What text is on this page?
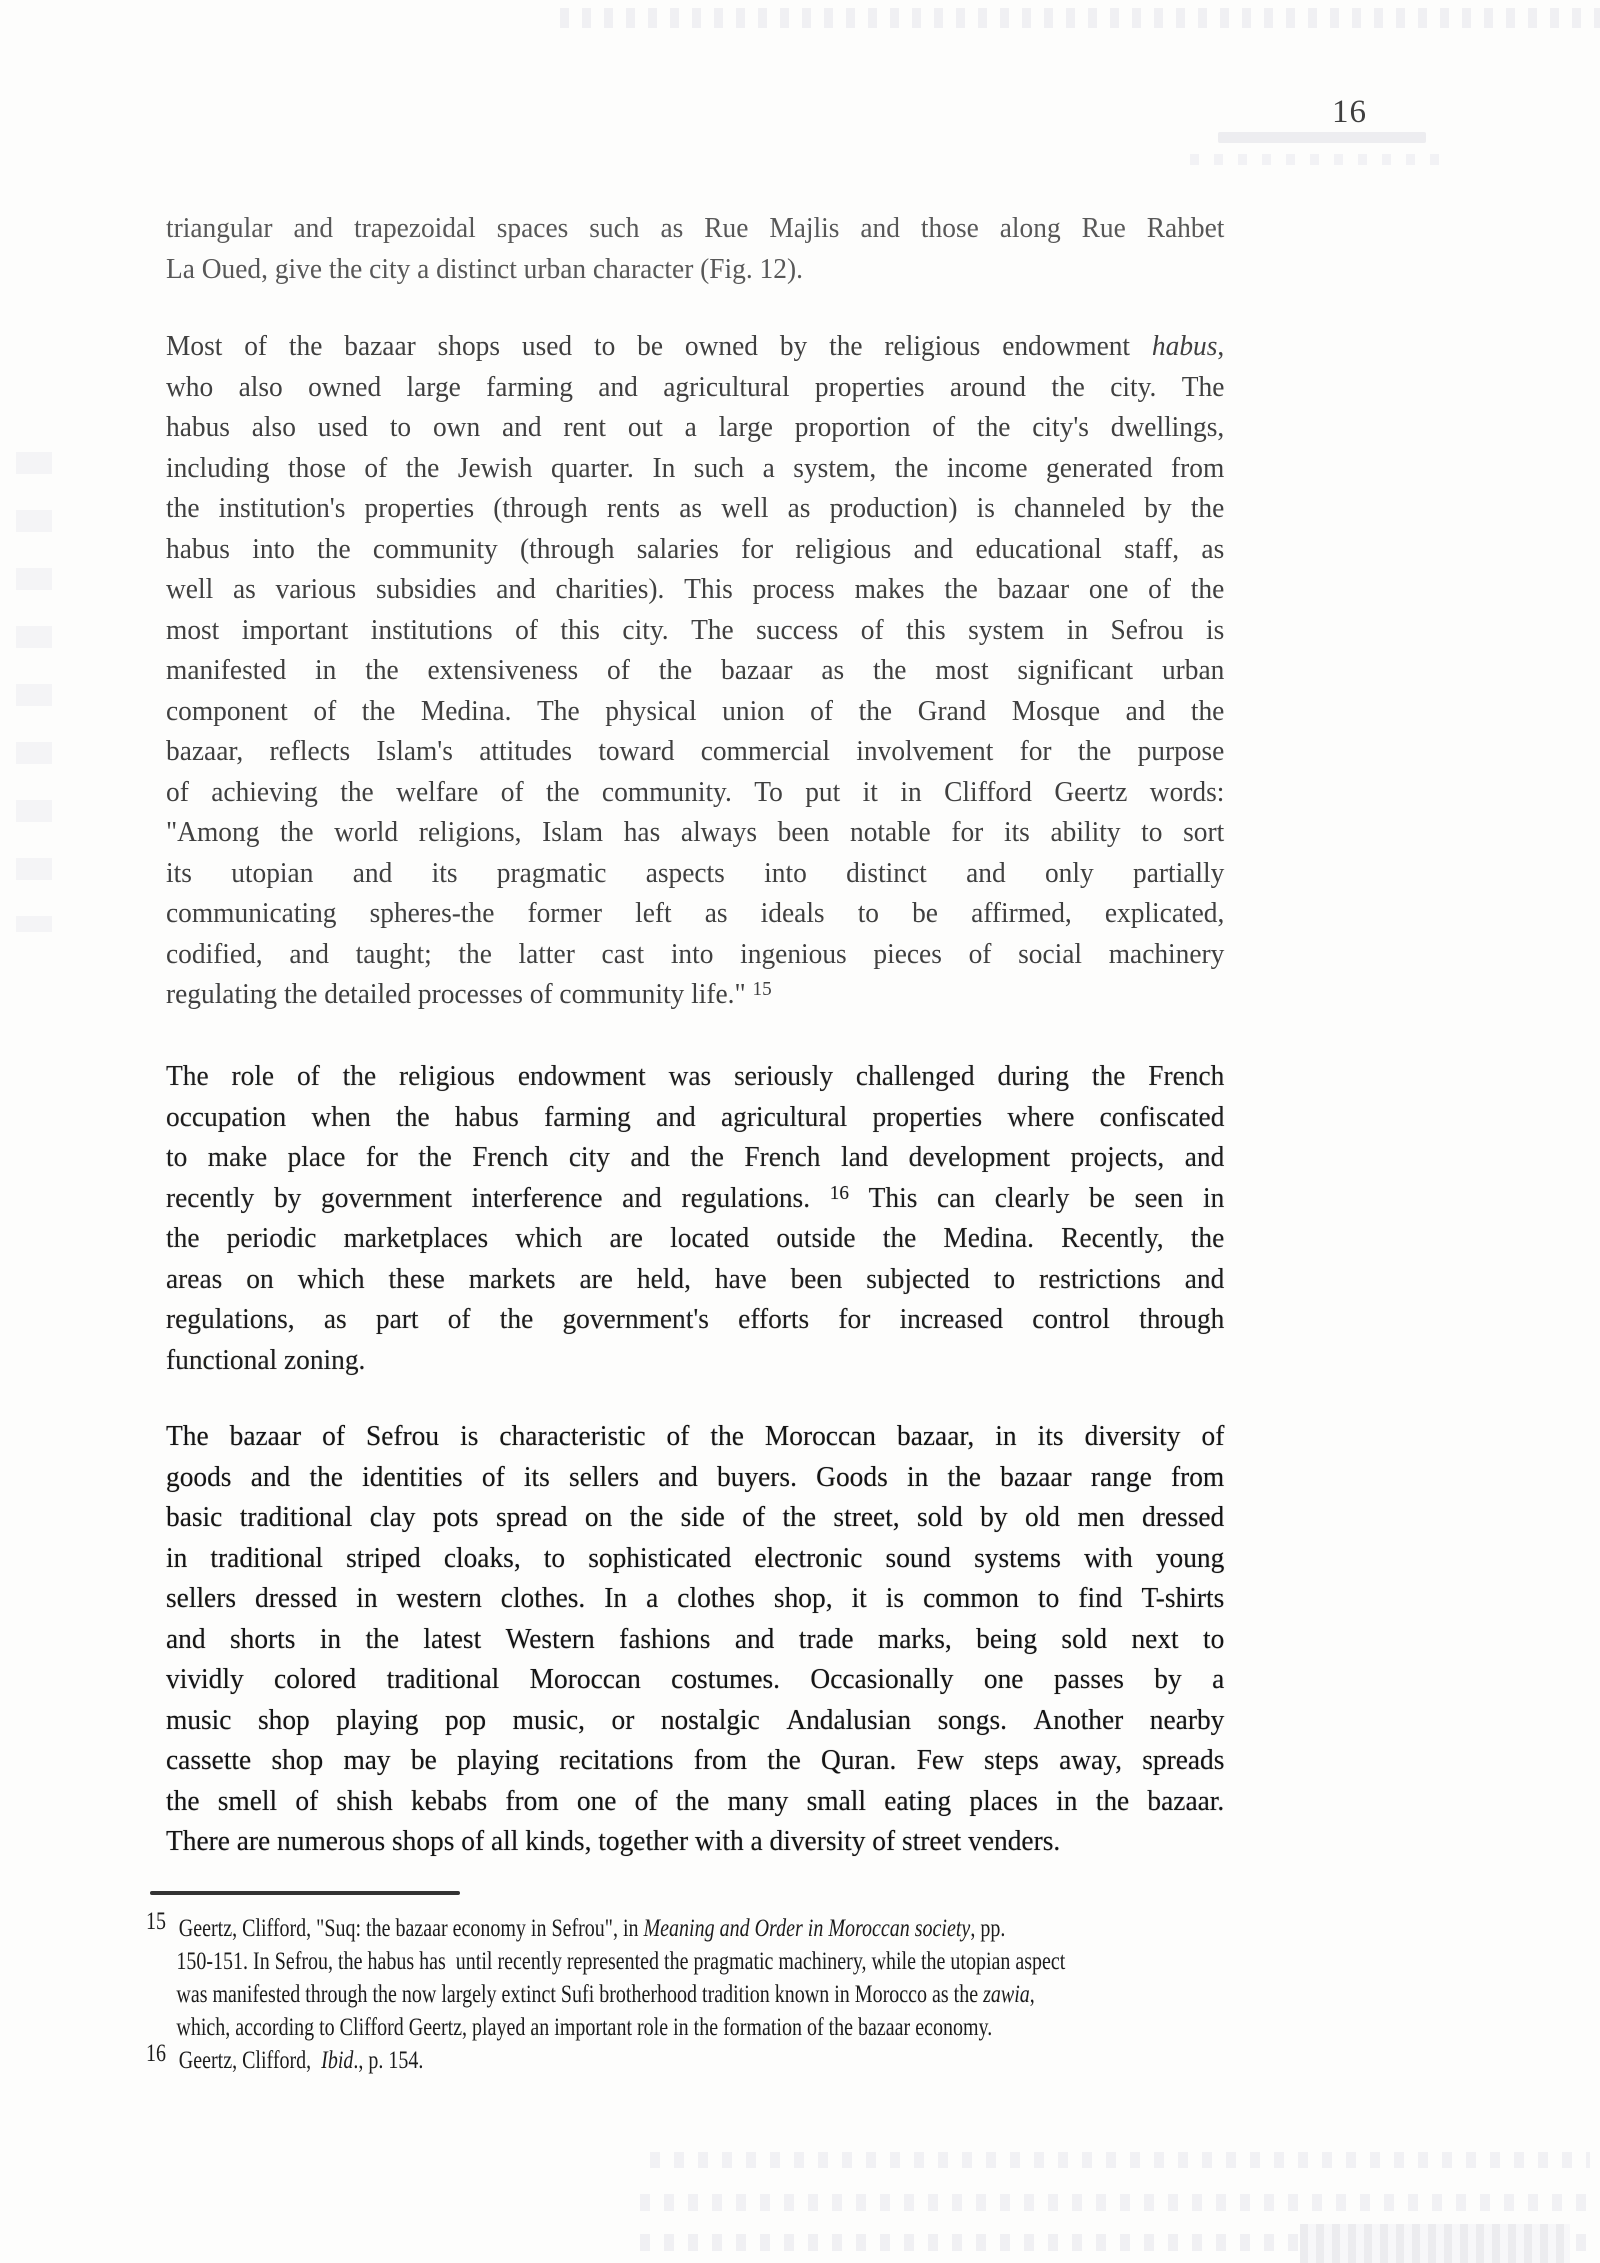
16
triangular and trapezoidal spaces such as Rue Majlis and those along Rue Rahbet
La Oued, give the city a distinct urban character (Fig. 12).
Most of the bazaar shops used to be owned by the religious endowment habus,
who also owned large farming and agricultural properties around the city. The
habus also used to own and rent out a large proportion of the city's dwellings,
including those of the Jewish quarter. In such a system, the income generated from
the institution's properties (through rents as well as production) is channeled by the
habus into the community (through salaries for religious and educational staff, as
well as various subsidies and charities). This process makes the bazaar one of the
most important institutions of this city. The success of this system in Sefrou is
manifested in the extensiveness of the bazaar as the most significant urban
component of the Medina. The physical union of the Grand Mosque and the
bazaar, reflects Islam's attitudes toward commercial involvement for the purpose
of achieving the welfare of the community. To put it in Clifford Geertz words:
"Among the world religions, Islam has always been notable for its ability to sort
its utopian and its pragmatic aspects into distinct and only partially
communicating spheres-the former left as ideals to be affirmed, explicated,
codified, and taught; the latter cast into ingenious pieces of social machinery
regulating the detailed processes of community life." $^{15}$
The role of the religious endowment was seriously challenged during the French
occupation when the habus farming and agricultural properties where confiscated
to make place for the French city and the French land development projects, and
recently by government interference and regulations. $^{16}$ This can clearly be seen in
the periodic marketplaces which are located outside the Medina. Recently, the
areas on which these markets are held, have been subjected to restrictions and
regulations, as part of the government's efforts for increased control through
functional zoning.
The bazaar of Sefrou is characteristic of the Moroccan bazaar, in its diversity of
goods and the identities of its sellers and buyers. Goods in the bazaar range from
basic traditional clay pots spread on the side of the street, sold by old men dressed
in traditional striped cloaks, to sophisticated electronic sound systems with young
sellers dressed in western clothes. In a clothes shop, it is common to find T-shirts
and shorts in the latest Western fashions and trade marks, being sold next to
vividly colored traditional Moroccan costumes. Occasionally one passes by a
music shop playing pop music, or nostalgic Andalusian songs. Another nearby
cassette shop may be playing recitations from the Quran. Few steps away, spreads
the smell of shish kebabs from one of the many small eating places in the bazaar.
There are numerous shops of all kinds, together with a diversity of street venders.
15 Geertz, Clifford, "Suq: the bazaar economy in Sefrou", in Meaning and Order in Moroccan society, pp.
150-151. In Sefrou, the habus has  until recently represented the pragmatic machinery, while the utopian aspect
was manifested through the now largely extinct Sufi brotherhood tradition known in Morocco as the zawia,
which, according to Clifford Geertz, played an important role in the formation of the bazaar economy.
16 Geertz, Clifford,  Ibid., p. 154.
